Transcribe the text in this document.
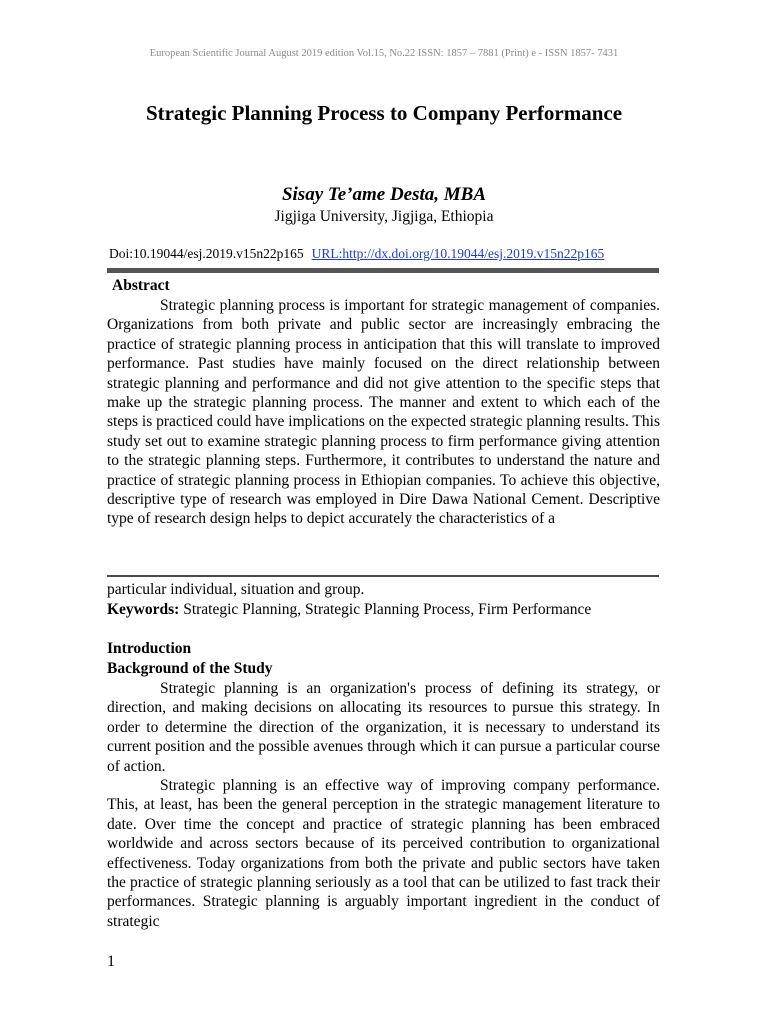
European Scientific Journal August 2019 edition Vol.15, No.22 ISSN: 1857 – 7881 (Print) e - ISSN 1857- 7431
Strategic Planning Process to Company Performance
Sisay Te’ame Desta, MBA
Jigjiga University, Jigjiga, Ethiopia
Doi:10.19044/esj.2019.v15n22p165 URL:http://dx.doi.org/10.19044/esj.2019.v15n22p165
Abstract
Strategic planning process is important for strategic management of companies. Organizations from both private and public sector are increasingly embracing the practice of strategic planning process in anticipation that this will translate to improved performance. Past studies have mainly focused on the direct relationship between strategic planning and performance and did not give attention to the specific steps that make up the strategic planning process. The manner and extent to which each of the steps is practiced could have implications on the expected strategic planning results. This study set out to examine strategic planning process to firm performance giving attention to the strategic planning steps. Furthermore, it contributes to understand the nature and practice of strategic planning process in Ethiopian companies. To achieve this objective, descriptive type of research was employed in Dire Dawa National Cement. Descriptive type of research design helps to depict accurately the characteristics of a
particular individual, situation and group.
Keywords: Strategic Planning, Strategic Planning Process, Firm Performance
Introduction
Background of the Study
Strategic planning is an organization's process of defining its strategy, or direction, and making decisions on allocating its resources to pursue this strategy. In order to determine the direction of the organization, it is necessary to understand its current position and the possible avenues through which it can pursue a particular course of action.
Strategic planning is an effective way of improving company performance. This, at least, has been the general perception in the strategic management literature to date. Over time the concept and practice of strategic planning has been embraced worldwide and across sectors because of its perceived contribution to organizational effectiveness. Today organizations from both the private and public sectors have taken the practice of strategic planning seriously as a tool that can be utilized to fast track their performances. Strategic planning is arguably important ingredient in the conduct of strategic
1
